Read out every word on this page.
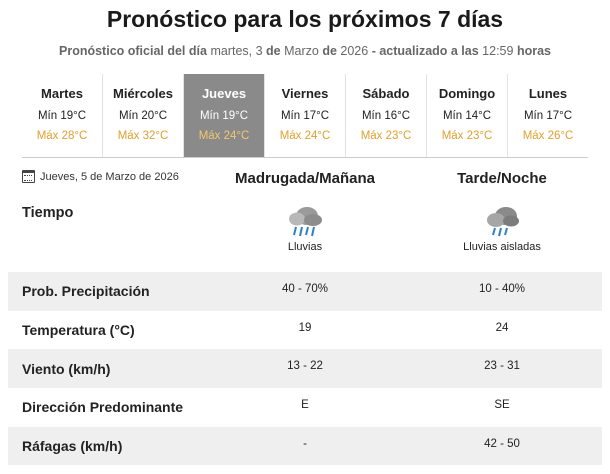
Pronóstico para los próximos 7 días
Pronóstico oficial del día martes, 3 de Marzo de 2026 - actualizado a las 12:59 horas
Martes
Mín 19°C
Máx 28°C
Miércoles
Mín 20°C
Máx 32°C
Jueves
Mín 19°C
Máx 24°C
Viernes
Mín 17°C
Máx 24°C
Sábado
Mín 16°C
Máx 23°C
Domingo
Mín 14°C
Máx 23°C
Lunes
Mín 17°C
Máx 26°C
Jueves, 5 de Marzo de 2026	Madrugada/Mañana	Tarde/Noche
Tiempo
Lluvias	Lluvias aisladas
Prob. Precipitación	40 - 70%	10 - 40%
Temperatura (°C)	19	24
Viento (km/h)	13 - 22	23 - 31
Dirección Predominante	E	SE
Ráfagas (km/h)	-	42 - 50
